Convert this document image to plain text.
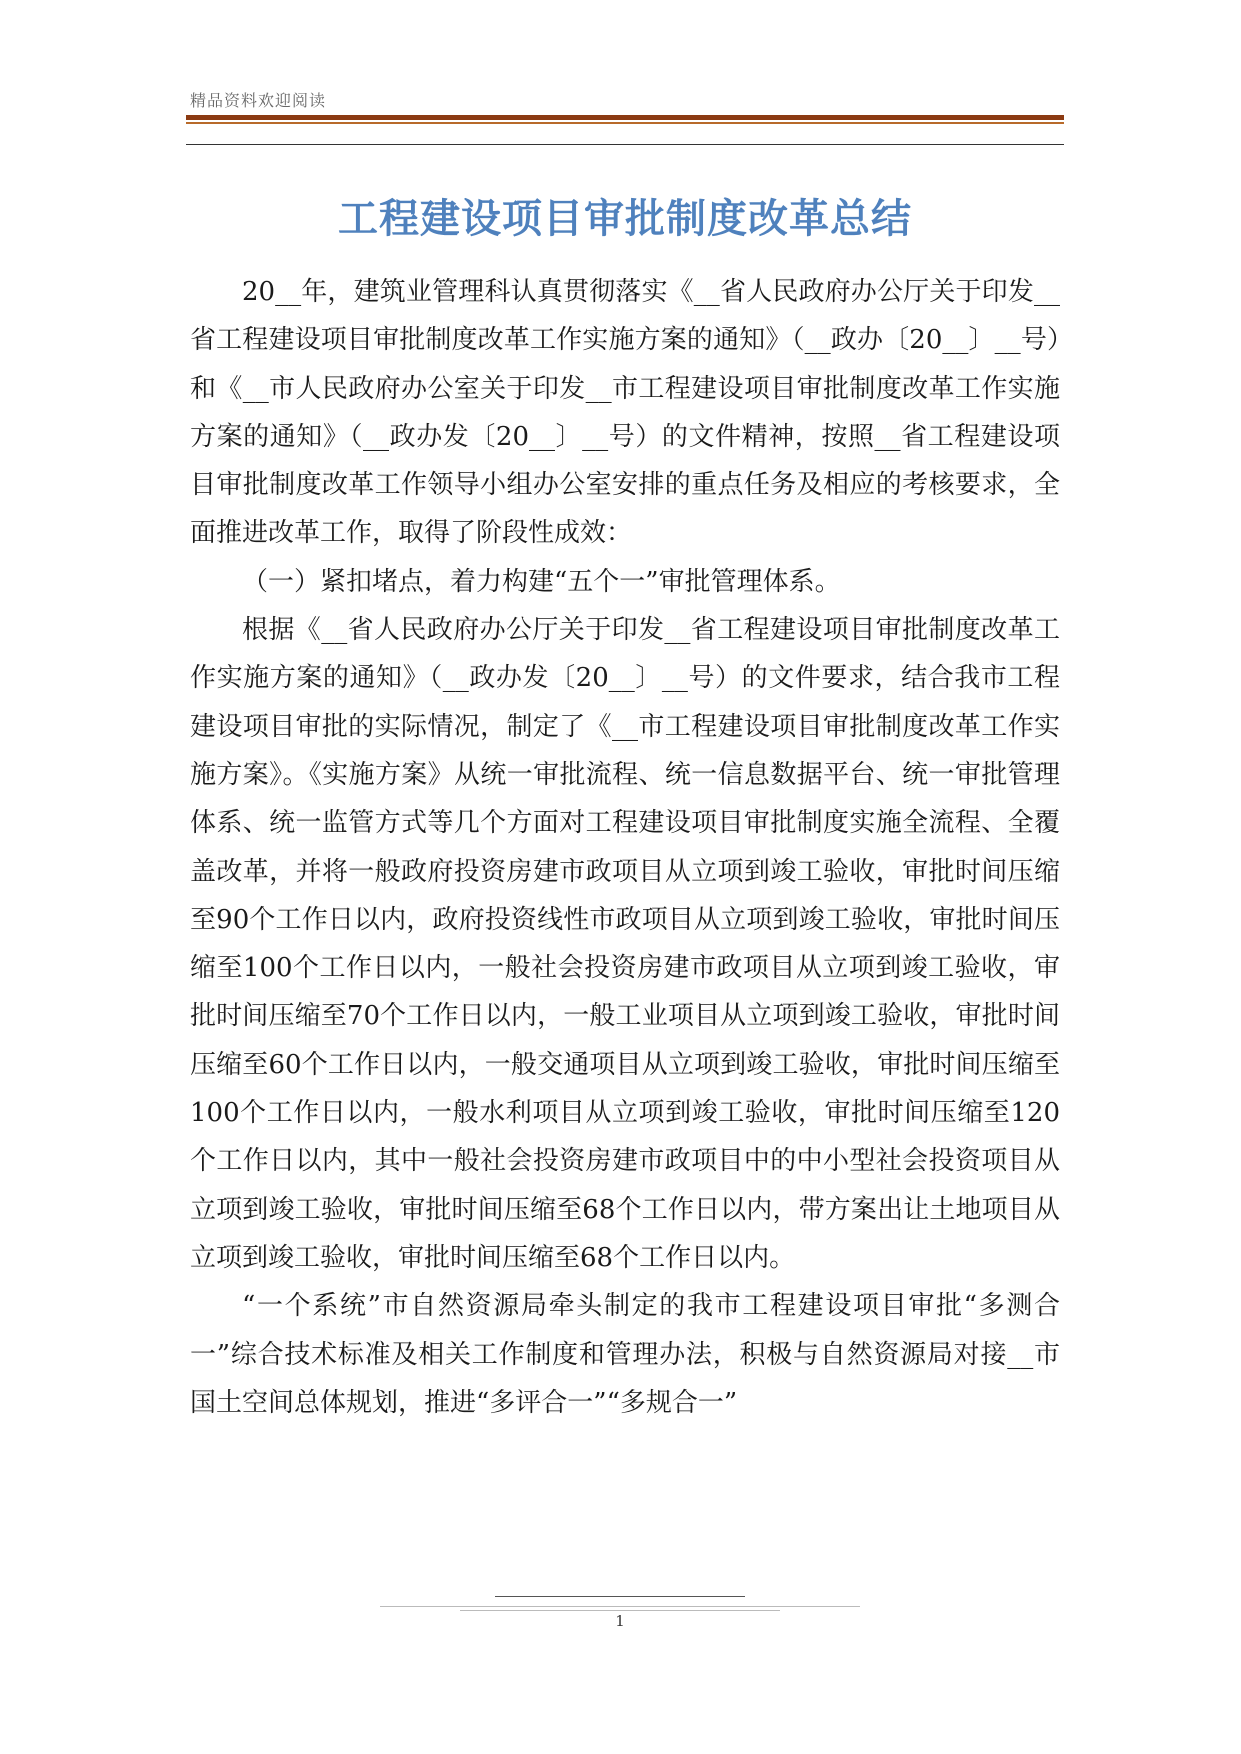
精品资料欢迎阅读
工程建设项目审批制度改革总结

20__年，建筑业管理科认真贯彻落实《__省人民政府办公厅关于印发__省工程建设项目审批制度改革工作实施方案的通知》（__政办〔20__〕__号）和《__市人民政府办公室关于印发__市工程建设项目审批制度改革工作实施方案的通知》（__政办发〔20__〕__号）的文件精神，按照__省工程建设项目审批制度改革工作领导小组办公室安排的重点任务及相应的考核要求，全面推进改革工作，取得了阶段性成效：

（一）紧扣堵点，着力构建“五个一”审批管理体系。

根据《__省人民政府办公厅关于印发__省工程建设项目审批制度改革工作实施方案的通知》（__政办发〔20__〕__号）的文件要求，结合我市工程建设项目审批的实际情况，制定了《__市工程建设项目审批制度改革工作实施方案》。《实施方案》从统一审批流程、统一信息数据平台、统一审批管理体系、统一监管方式等几个方面对工程建设项目审批制度实施全流程、全覆盖改革，并将一般政府投资房建市政项目从立项到竣工验收，审批时间压缩至90个工作日以内，政府投资线性市政项目从立项到竣工验收，审批时间压缩至100个工作日以内，一般社会投资房建市政项目从立项到竣工验收，审批时间压缩至70个工作日以内，一般工业项目从立项到竣工验收，审批时间压缩至60个工作日以内，一般交通项目从立项到竣工验收，审批时间压缩至100个工作日以内，一般水利项目从立项到竣工验收，审批时间压缩至120个工作日以内，其中一般社会投资房建市政项目中的中小型社会投资项目从立项到竣工验收，审批时间压缩至68个工作日以内，带方案出让土地项目从立项到竣工验收，审批时间压缩至68个工作日以内。

“一个系统”市自然资源局牵头制定的我市工程建设项目审批“多测合一”综合技术标准及相关工作制度和管理办法，积极与自然资源局对接__市国土空间总体规划，推进“多评合一”“多规合一”

1
